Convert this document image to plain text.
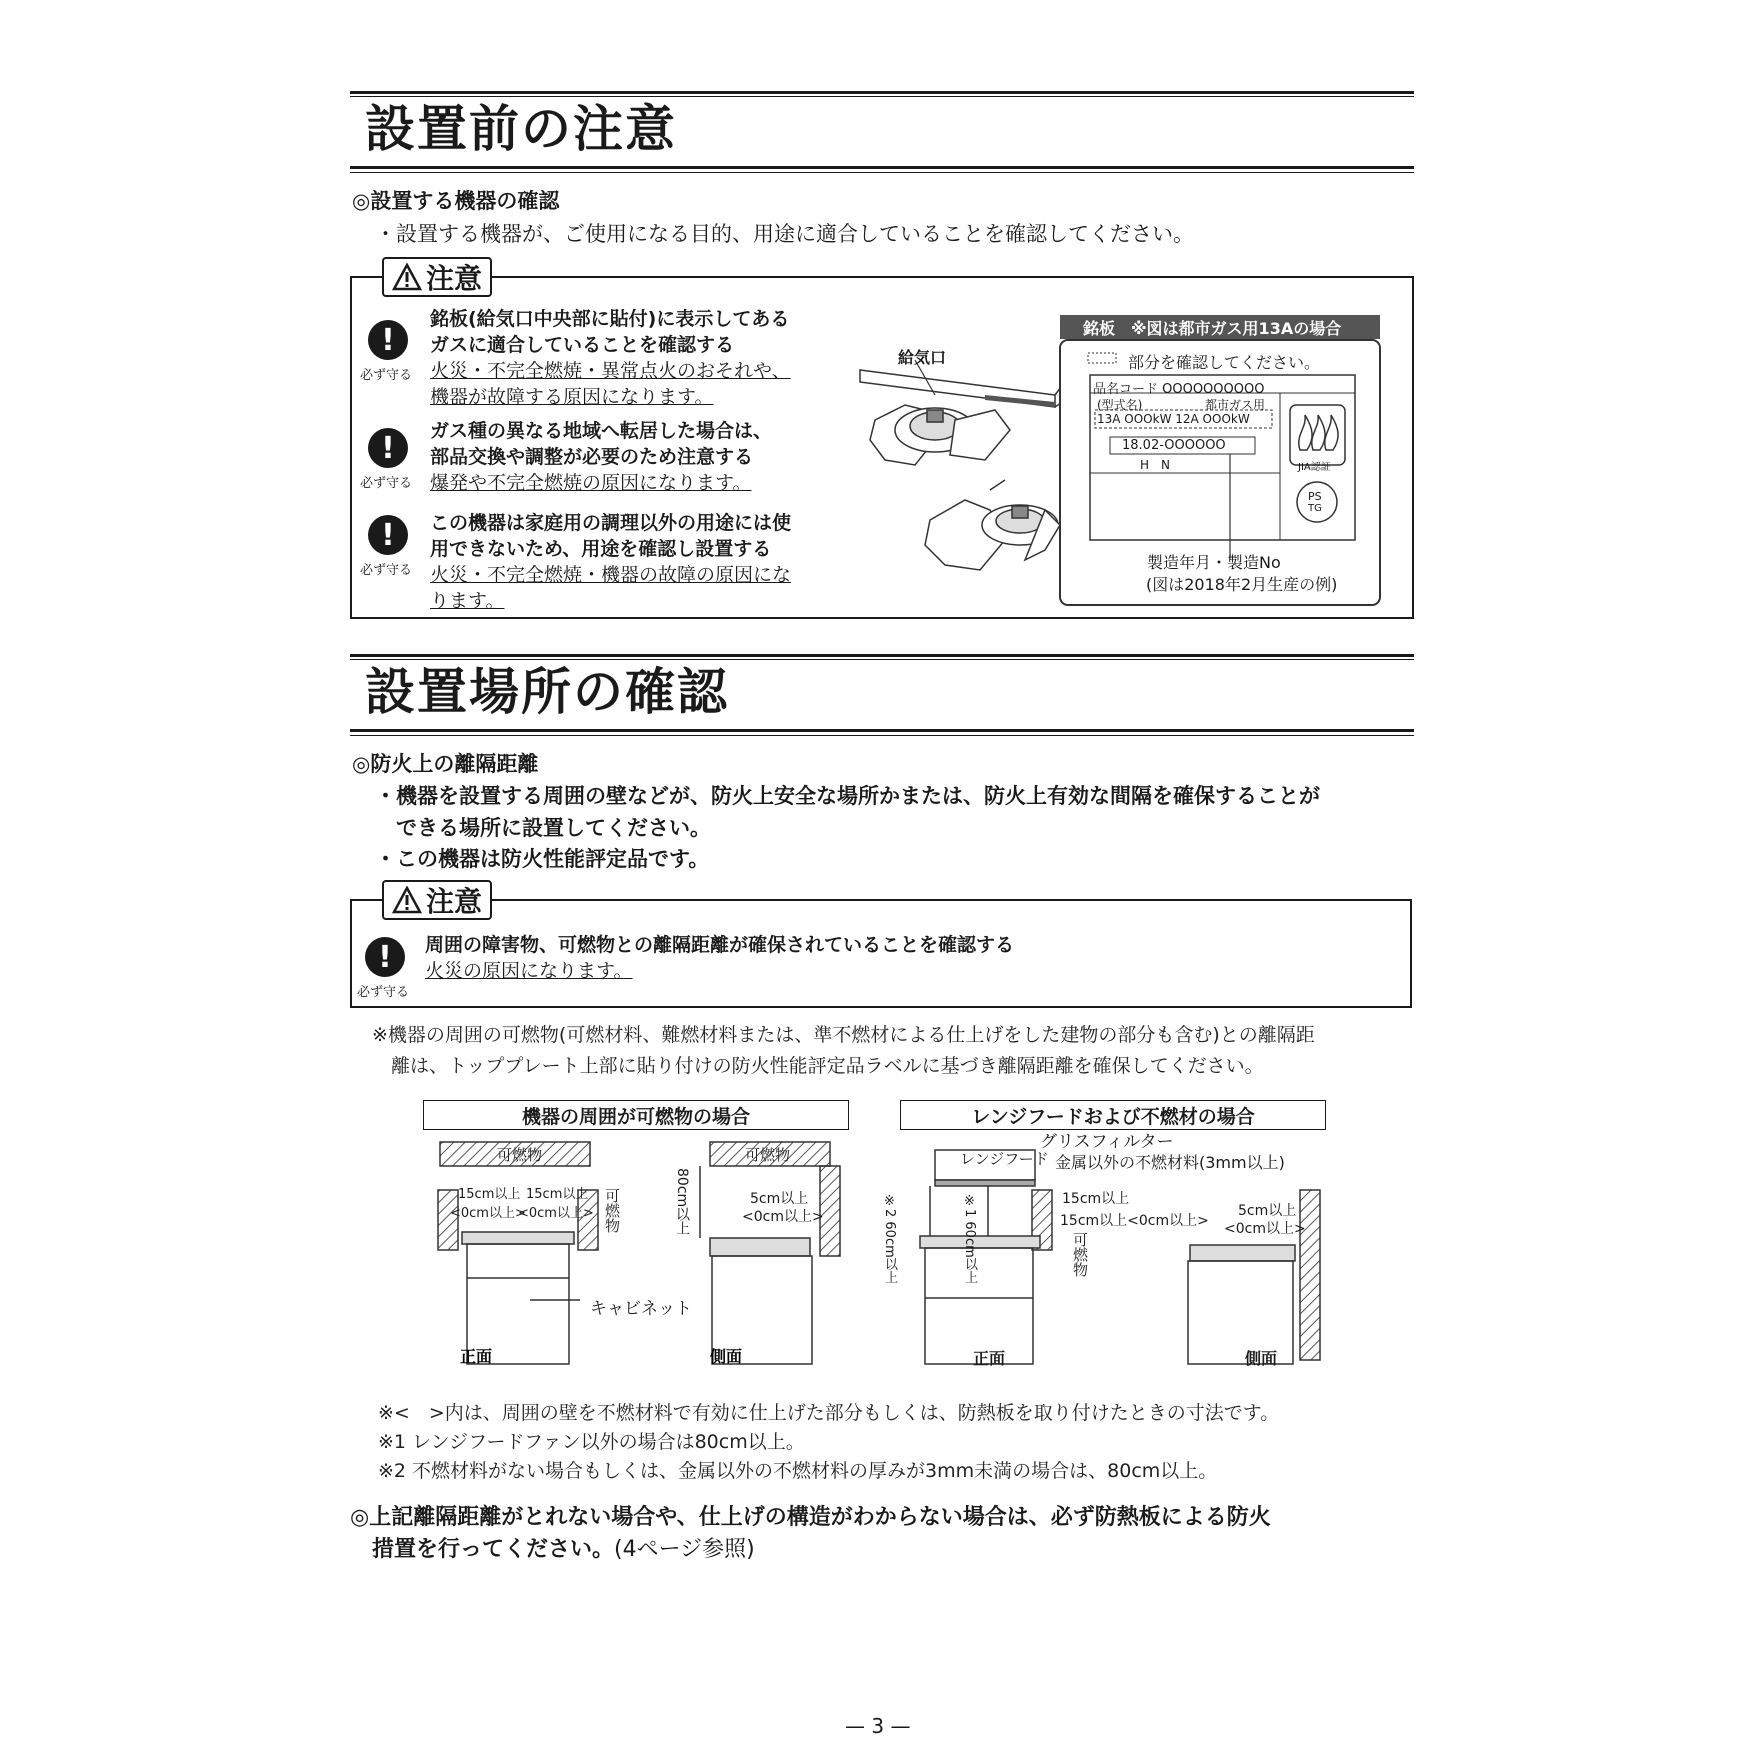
設置前の注意
◎設置する機器の確認
・設置する機器が、ご使用になる目的、用途に適合していることを確認してください。
注意
!
必ず守る
銘板(給気口中央部に貼付)に表示してある
ガスに適合していることを確認する
火災・不完全燃焼・異常点火のおそれや、
機器が故障する原因になります。
!
必ず守る
ガス種の異なる地域へ転居した場合は、
部品交換や調整が必要のため注意する
爆発や不完全燃焼の原因になります。
!
必ず守る
この機器は家庭用の調理以外の用途には使
用できないため、用途を確認し設置する
火災・不完全燃焼・機器の故障の原因にな
ります。
給気口
銘板　※図は都市ガス用13Aの場合
部分を確認してください。
品名コード OOOOOOOOOO
(型式名)	都市ガス用
13A OOOkW 12A OOOkW
18.02-OOOOOO
H　N	JIA認証
PS
TG
製造年月・製造No
(図は2018年2月生産の例)
設置場所の確認
◎防火上の離隔距離
・機器を設置する周囲の壁などが、防火上安全な場所かまたは、防火上有効な間隔を確保することが
　できる場所に設置してください。
・この機器は防火性能評定品です。
注意
!
必ず守る
周囲の障害物、可燃物との離隔距離が確保されていることを確認する
火災の原因になります。
※機器の周囲の可燃物(可燃材料、難燃材料または、準不燃材による仕上げをした建物の部分も含む)との離隔距
　離は、トッププレート上部に貼り付けの防火性能評定品ラベルに基づき離隔距離を確保してください。
機器の周囲が可燃物の場合	レンジフードおよび不燃材の場合
正面	側面
可燃物	可燃物
15cm以上 15cm以上
<0cm以上>
<0cm以上> 可燃物	80cm以上	5cm以上
<0cm以上>
キャビネット
レンジフード
グリスフィルター
金属以外の不燃材料(3mm以上)
15cm以上
15cm以上<0cm以上>
可燃物
※2 60cm以上	※1 60cm以上	5cm以上
<0cm以上>
正面	側面
※<　>内は、周囲の壁を不燃材料で有効に仕上げた部分もしくは、防熱板を取り付けたときの寸法です。
※1 レンジフードファン以外の場合は80cm以上。
※2 不燃材料がない場合もしくは、金属以外の不燃材料の厚みが3mm未満の場合は、80cm以上。
◎上記離隔距離がとれない場合や、仕上げの構造がわからない場合は、必ず防熱板による防火
措置を行ってください。(4ページ参照)
— 3 —
